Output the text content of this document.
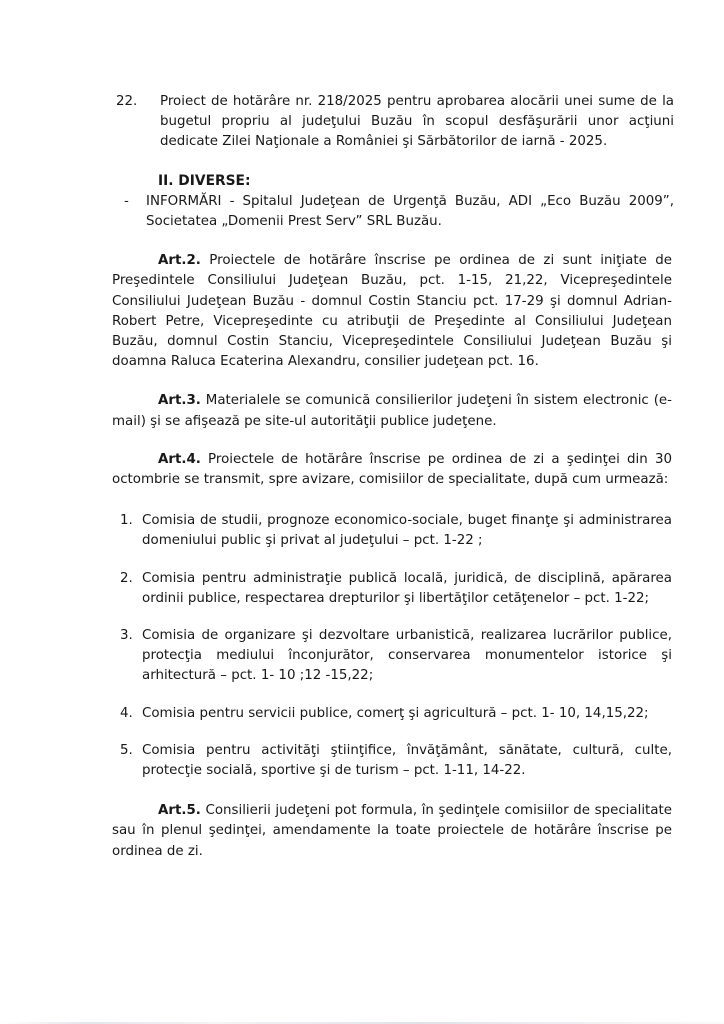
22.	Proiect de hotărâre nr. 218/2025 pentru aprobarea alocării unei sume de la bugetul propriu al judeţului Buzău în scopul desfăşurării unor acţiuni dedicate Zilei Naţionale a României şi Sărbătorilor de iarnă - 2025.
II. DIVERSE:
-	INFORMĂRI - Spitalul Judeţean de Urgenţă Buzău, ADI „Eco Buzău 2009”, Societatea „Domenii Prest Serv” SRL Buzău.

Art.2. Proiectele de hotărâre înscrise pe ordinea de zi sunt iniţiate de Preşedintele Consiliului Judeţean Buzău, pct. 1-15, 21,22, Vicepreşedintele Consiliului Judeţean Buzău - domnul Costin Stanciu pct. 17-29 şi domnul Adrian-Robert Petre, Vicepreşedinte cu atribuţii de Preşedinte al Consiliului Judeţean Buzău, domnul Costin Stanciu, Vicepreşedintele Consiliului Judeţean Buzău şi doamna Raluca Ecaterina Alexandru, consilier judeţean pct. 16.

Art.3. Materialele se comunică consilierilor judeţeni în sistem electronic (e-mail) şi se afişează pe site-ul autorităţii publice judeţene.

Art.4. Proiectele de hotărâre înscrise pe ordinea de zi a şedinţei din 30 octombrie se transmit, spre avizare, comisiilor de specialitate, după cum urmează:

1. Comisia de studii, prognoze economico-sociale, buget finanţe şi administrarea domeniului public şi privat al judeţului – pct. 1-22 ;
2. Comisia pentru administraţie publică locală, juridică, de disciplină, apărarea ordinii publice, respectarea drepturilor şi libertăţilor cetăţenelor – pct. 1-22;
3. Comisia de organizare şi dezvoltare urbanistică, realizarea lucrărilor publice, protecţia mediului înconjurător, conservarea monumentelor istorice şi arhitectură – pct. 1- 10 ;12 -15,22;
4. Comisia pentru servicii publice, comerţ şi agricultură – pct. 1- 10, 14,15,22;
5. Comisia pentru activităţi ştiinţifice, învăţământ, sănătate, cultură, culte, protecţie socială, sportive şi de turism – pct. 1-11, 14-22.

Art.5. Consilierii judeţeni pot formula, în şedinţele comisiilor de specialitate sau în plenul şedinţei, amendamente la toate proiectele de hotărâre înscrise pe ordinea de zi.
